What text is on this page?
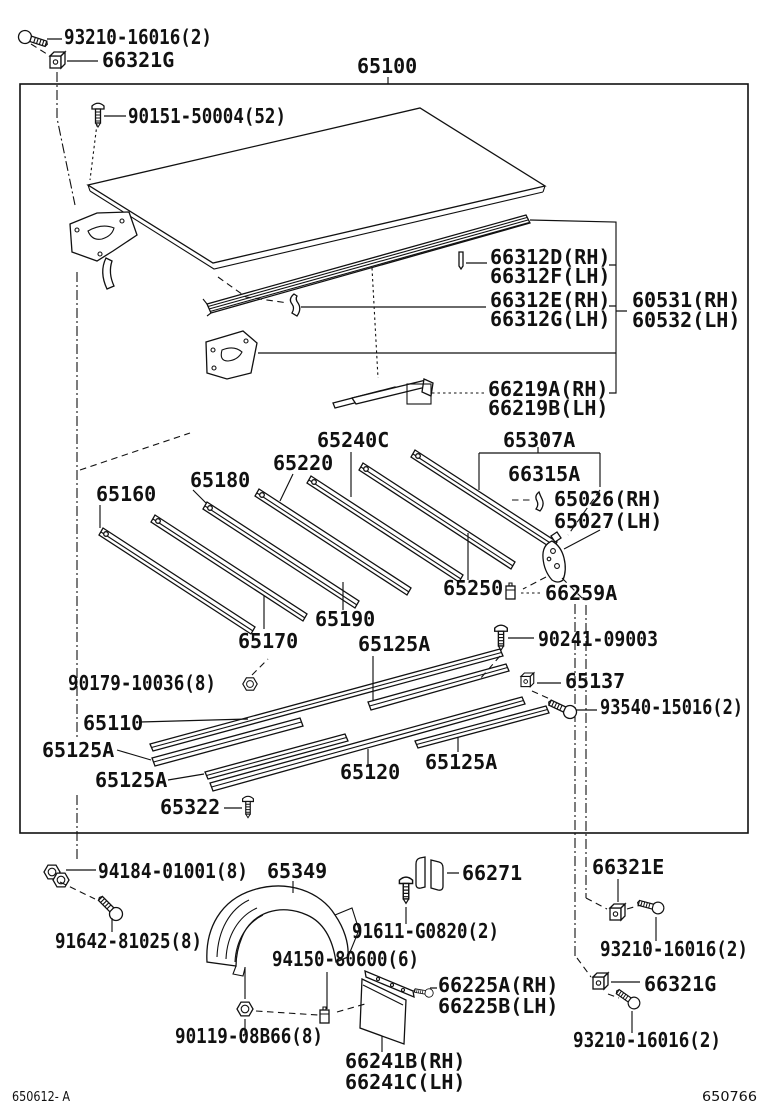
93210-16016(2)
66321G
90151-50004(52)
65100
66312D(RH)
66312F(LH)
66312E(RH)
66312G(LH)
60531(RH)
60532(LH)
66219A(RH)
66219B(LH)
65240C	65307A
65220	66315A
65180
65026(RH)
65027(LH)
65160
65250 66259A
65190
65170	65125A	90241-09003
90179-10036(8)	65137
93540-15016(2)
65110
65125A
65125A	65120 65125A
65322
94184-01001(8) 65349	66271
91642-81025(8)	91611-G0820(2)
94150-80600(6)
66225A(RH)
66225B(LH)
66321E
93210-16016(2)
66321G
93210-16016(2)
90119-08B66(8)
66241B(RH)
66241C(LH)
650612- A	650766
